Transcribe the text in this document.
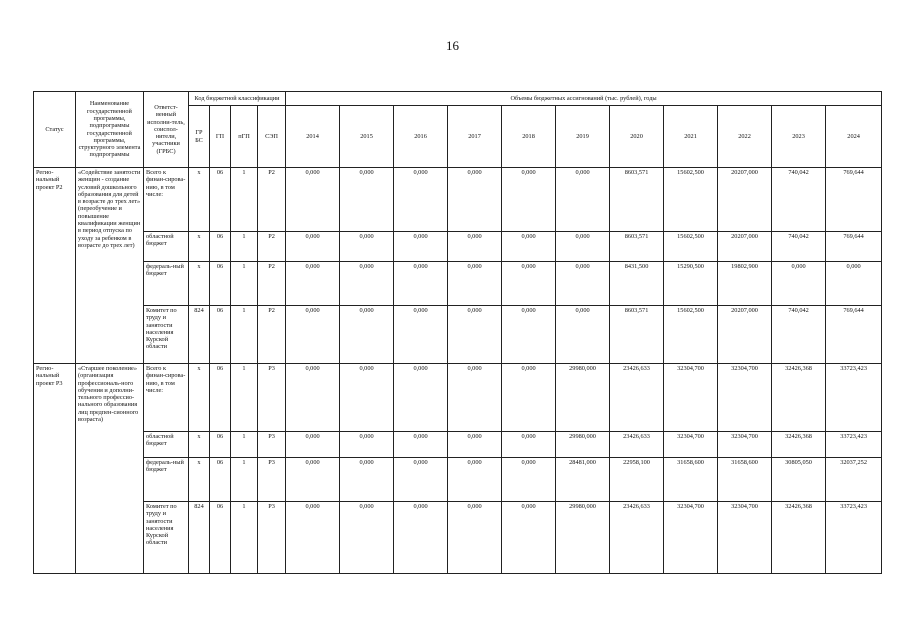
16
Статус	Наименование государственной программы, подпрограммы государственной программы, структурного элемента подпрограммы	Ответст-венный исполни-тель, соиспол-нители, участники (ГРБС)	Код бюджетной классификации				Объемы бюджетных ассигнований (тыс. рублей), годы										
			ГР БС	ГП	пГП	СЭП	2014	2015	2016	2017	2018	2019	2020	2021	2022	2023	2024
Регио-нальный проект Р2	«Содействие занятости женщин - создание условий дошкольного образования для детей в возрасте до трех лет» (переобучение и повышение квалификации женщин в период отпуска по уходу за ребенком в возрасте до трех лет)	Всего к финан-сирова-нию, в том числе:	х	06	1	Р2	0,000	0,000	0,000	0,000	0,000	0,000	8603,571	15602,500	20207,000	740,042	769,644
		областной бюджет	х	06	1	Р2	0,000	0,000	0,000	0,000	0,000	0,000	8603,571	15602,500	20207,000	740,042	769,644
		федераль-ный бюджет	х	06	1	Р2	0,000	0,000	0,000	0,000	0,000	0,000	8431,500	15290,500	19802,900	0,000	0,000
		Комитет по труду и занятости населения Курской области	824	06	1	Р2	0,000	0,000	0,000	0,000	0,000	0,000	8603,571	15602,500	20207,000	740,042	769,644
Регио-нальный проект Р3	«Старшее поколение» (организация профессиональ-ного обучения и дополни-тельного профессио-нального образования лиц предпен-сионного возраста)	Всего к финан-сирова-нию, в том числе:	х	06	1	Р3	0,000	0,000	0,000	0,000	0,000	29980,000	23426,633	32304,700	32304,700	32426,368	33723,423
		областной бюджет	х	06	1	Р3	0,000	0,000	0,000	0,000	0,000	29980,000	23426,633	32304,700	32304,700	32426,368	33723,423
		федераль-ный бюджет	х	06	1	Р3	0,000	0,000	0,000	0,000	0,000	28481,000	22958,100	31658,600	31658,600	30805,050	32037,252
		Комитет по труду и занятости населения Курской области	824	06	1	Р3	0,000	0,000	0,000	0,000	0,000	29980,000	23426,633	32304,700	32304,700	32426,368	33723,423
